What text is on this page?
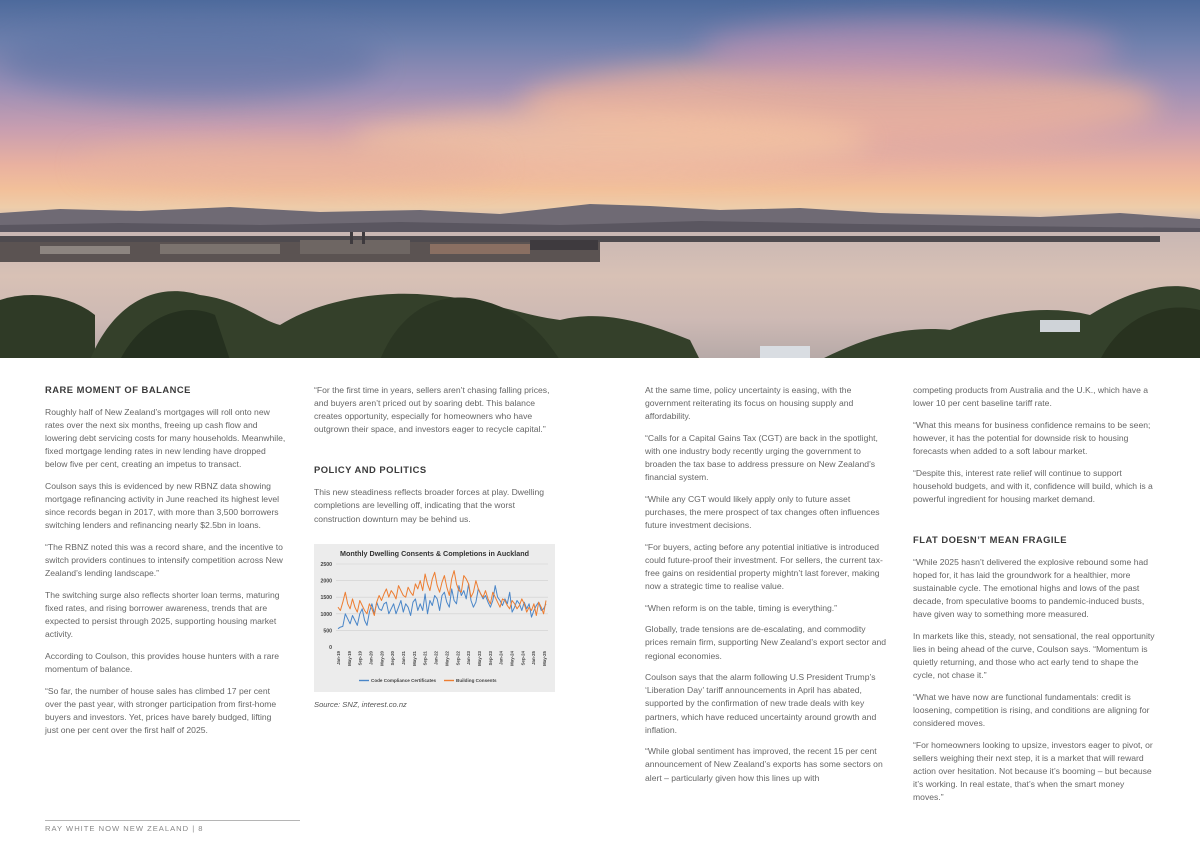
RARE MOMENT OF BALANCE

Roughly half of New Zealand’s mortgages will roll onto new rates over the next six months, freeing up cash flow and lowering debt servicing costs for many households. Meanwhile, fixed mortgage lending rates in new lending have dropped below five per cent, creating an impetus to transact.

Coulson says this is evidenced by new RBNZ data showing mortgage refinancing activity in June reached its highest level since records began in 2017, with more than 3,500 borrowers switching lenders and refinancing nearly $2.5bn in loans.

“The RBNZ noted this was a record share, and the incentive to switch providers continues to intensify competition across New Zealand’s lending landscape.”

The switching surge also reflects shorter loan terms, maturing fixed rates, and rising borrower awareness, trends that are expected to persist through 2025, supporting housing market activity.

According to Coulson, this provides house hunters with a rare momentum of balance.

“So far, the number of house sales has climbed 17 per cent over the past year, with stronger participation from first-home buyers and investors. Yet, prices have barely budged, lifting just one per cent over the first half of 2025.

“For the first time in years, sellers aren’t chasing falling prices, and buyers aren’t priced out by soaring debt. This balance creates opportunity, especially for homeowners who have outgrown their space, and investors eager to recycle capital.”

POLICY AND POLITICS

This new steadiness reflects broader forces at play. Dwelling completions are levelling off, indicating that the worst construction downturn may be behind us.

Monthly Dwelling Consents & Completions in Auckland
0
500
1000
1500
2000
2500
Jan-19 May-19 Sep-19 Jan-20 May-20 Sep-20 Jan-21 May-21 Sep-21 Jan-22 May-22 Sep-22 Jan-23 May-23 Sep-23 Jan-24 May-24 Sep-24 Jan-25 May-25
Code Compliance Certificates	Building Consents

Source: SNZ, interest.co.nz

At the same time, policy uncertainty is easing, with the government reiterating its focus on housing supply and affordability.

“Calls for a Capital Gains Tax (CGT) are back in the spotlight, with one industry body recently urging the government to broaden the tax base to address pressure on New Zealand’s financial system.

“While any CGT would likely apply only to future asset purchases, the mere prospect of tax changes often influences future investment decisions.

“For buyers, acting before any potential initiative is introduced could future-proof their investment. For sellers, the current tax-free gains on residential property mightn’t last forever, making now a strategic time to realise value.

“When reform is on the table, timing is everything.”

Globally, trade tensions are de-escalating, and commodity prices remain firm, supporting New Zealand’s export sector and regional economies.

Coulson says that the alarm following U.S President Trump’s ‘Liberation Day’ tariff announcements in April has abated, supported by the confirmation of new trade deals with key partners, which have reduced uncertainty around growth and inflation.

“While global sentiment has improved, the recent 15 per cent announcement of New Zealand’s exports has some sectors on alert – particularly given how this lines up with

competing products from Australia and the U.K., which have a lower 10 per cent baseline tariff rate.

“What this means for business confidence remains to be seen; however, it has the potential for downside risk to housing forecasts when added to a soft labour market.

“Despite this, interest rate relief will continue to support household budgets, and with it, confidence will build, which is a powerful ingredient for housing market demand.

FLAT DOESN’T MEAN FRAGILE

“While 2025 hasn’t delivered the explosive rebound some had hoped for, it has laid the groundwork for a healthier, more sustainable cycle. The emotional highs and lows of the past decade, from speculative booms to pandemic-induced busts, have given way to something more measured.

In markets like this, steady, not sensational, the real opportunity lies in being ahead of the curve, Coulson says. “Momentum is quietly returning, and those who act early tend to shape the cycle, not chase it.”

“What we have now are functional fundamentals: credit is loosening, competition is rising, and conditions are aligning for considered moves.

“For homeowners looking to upsize, investors eager to pivot, or sellers weighing their next step, it is a market that will reward action over hesitation. Not because it’s booming – but because it’s working. In real estate, that’s when the smart money moves.”

RAY WHITE NOW NEW ZEALAND | 8
